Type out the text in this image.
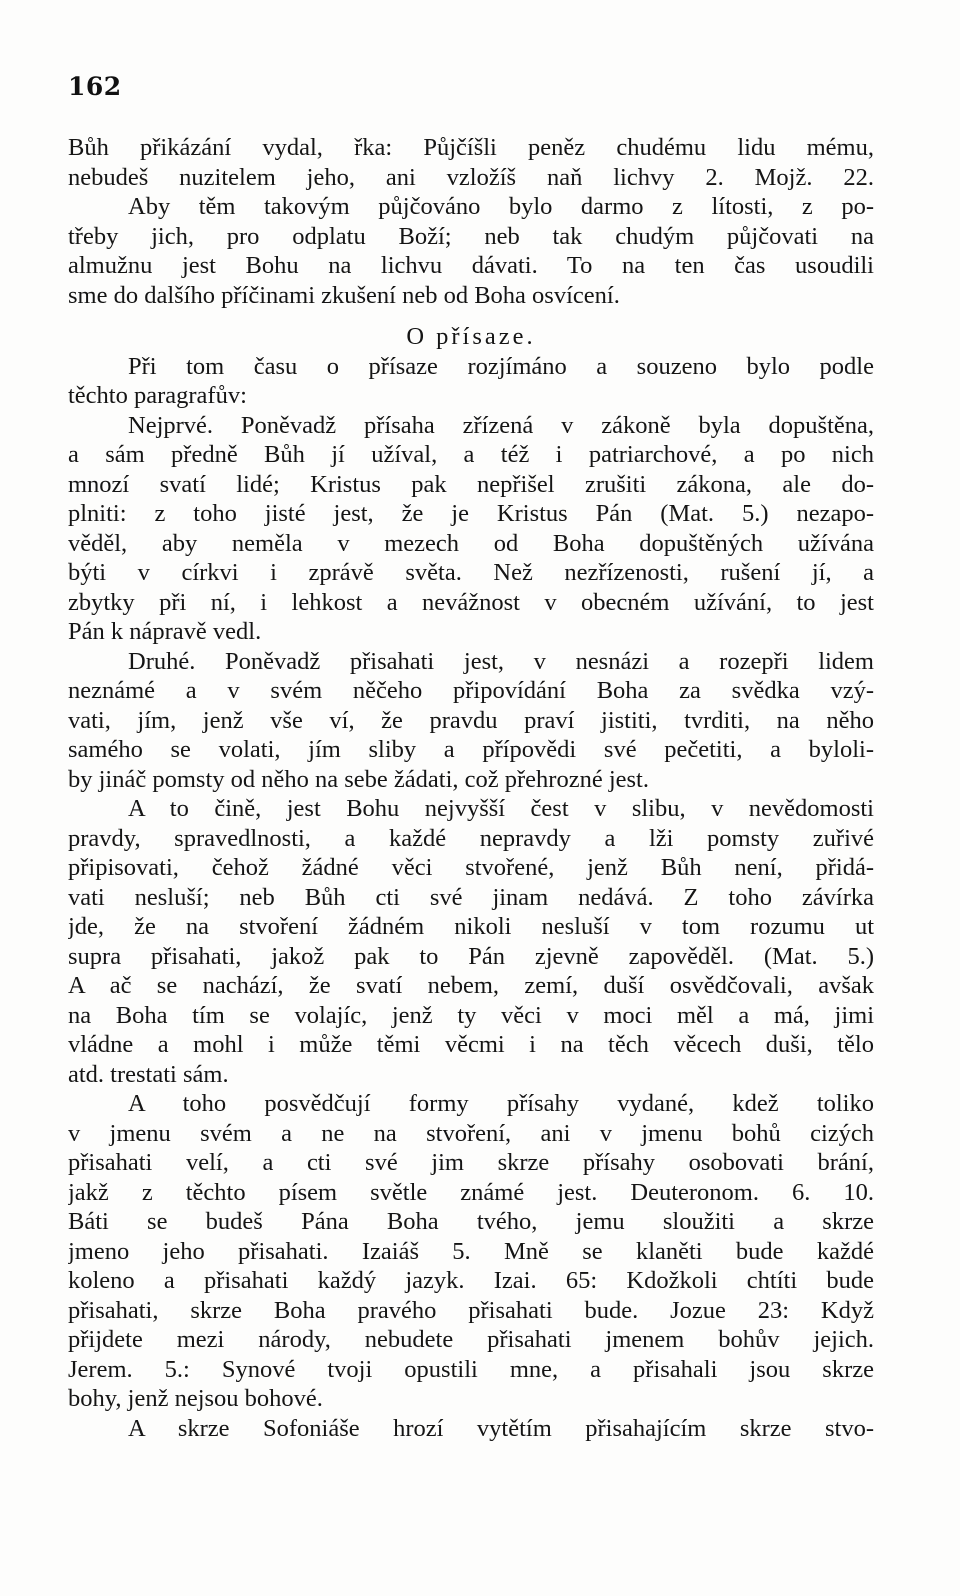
162
Bůh přikázání vydal, řka: Půjčíšli peněz chudému lidu mému,
nebudeš nuzitelem jeho, ani vzložíš naň lichvy 2. Mojž. 22.
Aby těm takovým půjčováno bylo darmo z lítosti, z po-
třeby jich, pro odplatu Boží; neb tak chudým půjčovati na
almužnu jest Bohu na lichvu dávati. To na ten čas usoudili
sme do dalšího příčinami zkušení neb od Boha osvícení.
O přísaze.
Při tom času o přísaze rozjímáno a souzeno bylo podle
těchto paragrafův:
Nejprvé. Poněvadž přísaha zřízená v zákoně byla dopuštěna,
a sám předně Bůh jí užíval, a též i patriarchové, a po nich
mnozí svatí lidé; Kristus pak nepřišel zrušiti zákona, ale do-
plniti: z toho jisté jest, že je Kristus Pán (Mat. 5.) nezapo-
věděl, aby neměla v mezech od Boha dopuštěných užívána
býti v církvi i zprávě světa. Než nezřízenosti, rušení jí, a
zbytky při ní, i lehkost a nevážnost v obecném užívání, to jest
Pán k nápravě vedl.
Druhé. Poněvadž přisahati jest, v nesnázi a rozepři lidem
neznámé a v svém něčeho připovídání Boha za svědka vzý-
vati, jím, jenž vše ví, že pravdu praví jistiti, tvrditi, na něho
samého se volati, jím sliby a přípovědi své pečetiti, a byloli-
by jináč pomsty od něho na sebe žádati, což přehrozné jest.
A to čině, jest Bohu nejvyšší čest v slibu, v nevědomosti
pravdy, spravedlnosti, a každé nepravdy a lži pomsty zuřivé
připisovati, čehož žádné věci stvořené, jenž Bůh není, přidá-
vati nesluší; neb Bůh cti své jinam nedává. Z toho závírka
jde, že na stvoření žádném nikoli nesluší v tom rozumu ut
supra přisahati, jakož pak to Pán zjevně zapověděl. (Mat. 5.)
A ač se nachází, že svatí nebem, zemí, duší osvědčovali, avšak
na Boha tím se volajíc, jenž ty věci v moci měl a má, jimi
vládne a mohl i může těmi věcmi i na těch věcech duši, tělo
atd. trestati sám.
A toho posvědčují formy přísahy vydané, kdež toliko
v jmenu svém a ne na stvoření, ani v jmenu bohů cizých
přisahati velí, a cti své jim skrze přísahy osobovati brání,
jakž z těchto písem světle známé jest. Deuteronom. 6. 10.
Báti se budeš Pána Boha tvého, jemu sloužiti a skrze
jmeno jeho přisahati. Izaiáš 5. Mně se klaněti bude každé
koleno a přisahati každý jazyk. Izai. 65: Kdožkoli chtíti bude
přisahati, skrze Boha pravého přisahati bude. Jozue 23: Když
přijdete mezi národy, nebudete přisahati jmenem bohův jejich.
Jerem. 5.: Synové tvoji opustili mne, a přisahali jsou skrze
bohy, jenž nejsou bohové.
A skrze Sofoniáše hrozí vytětím přisahajícím skrze stvo-
